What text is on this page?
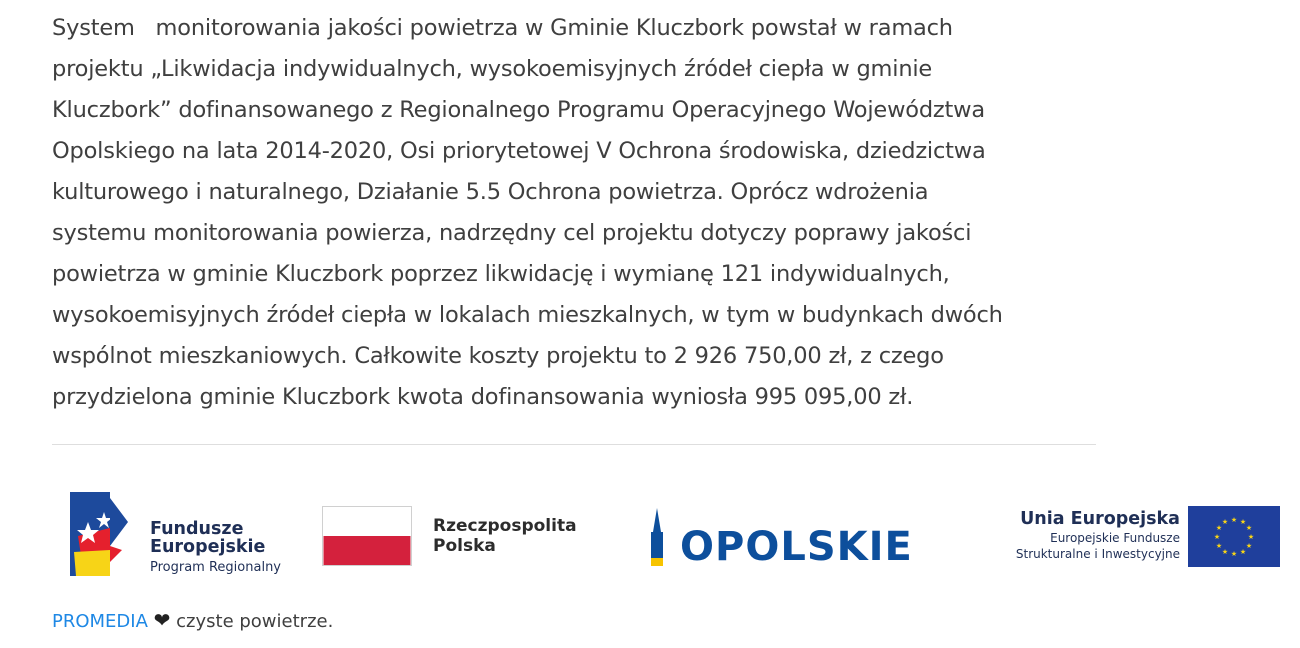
System   monitorowania jakości powietrza w Gminie Kluczbork powstał w ramach
projektu „Likwidacja indywidualnych, wysokoemisyjnych źródeł ciepła w gminie
Kluczbork” dofinansowanego z Regionalnego Programu Operacyjnego Województwa
Opolskiego na lata 2014-2020, Osi priorytetowej V Ochrona środowiska, dziedzictwa
kulturowego i naturalnego, Działanie 5.5 Ochrona powietrza. Oprócz wdrożenia
systemu monitorowania powierza, nadrzędny cel projektu dotyczy poprawy jakości
powietrza w gminie Kluczbork poprzez likwidację i wymianę 121 indywidualnych,
wysokoemisyjnych źródeł ciepła w lokalach mieszkalnych, w tym w budynkach dwóch
wspólnot mieszkaniowych. Całkowite koszty projektu to 2 926 750,00 zł, z czego
przydzielona gminie Kluczbork kwota dofinansowania wyniosła 995 095,00 zł.
Fundusze
Europejskie
Program Regionalny
Rzeczpospolita
Polska	OPOLSKIE
Unia Europejska
Europejskie Fundusze
Strukturalne i Inwestycyjne
★ ★
★
★
★
★
★
★
★
★
★
★
PROMEDIA ❤ czyste powietrze.
